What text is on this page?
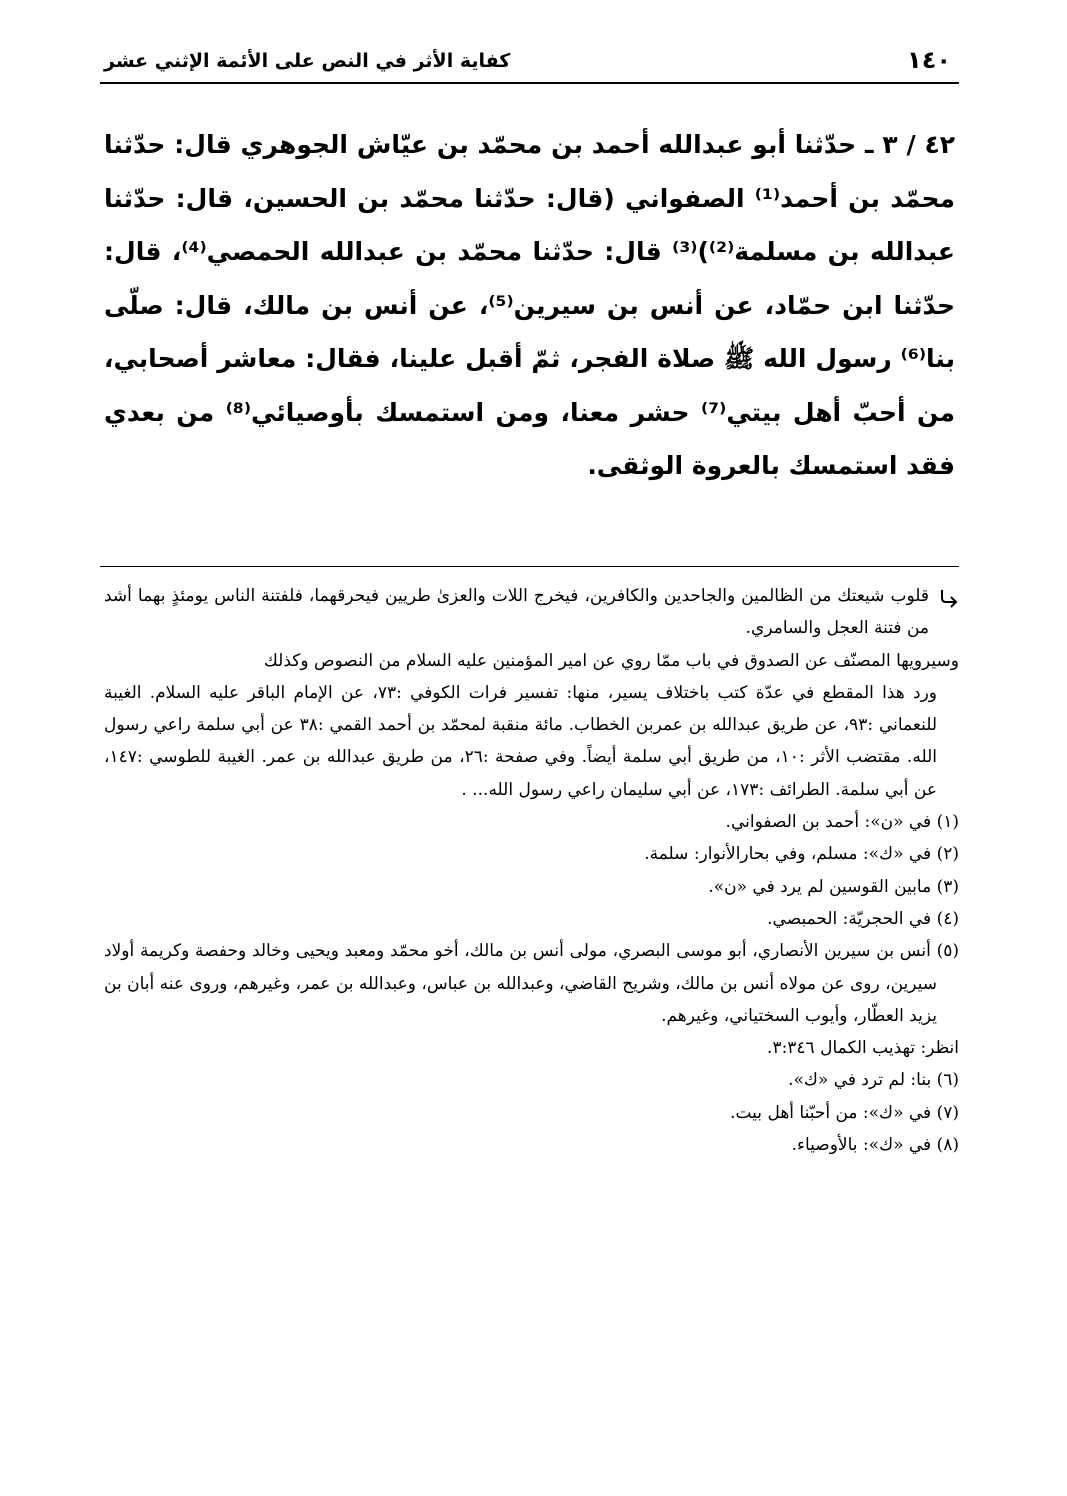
١٤٠
كفاية الأثر في النص على الأئمة الإثني عشر

٤٢ / ٣ ـ حدّثنا أبو عبدالله أحمد بن محمّد بن عيّاش الجوهري قال: حدّثنا محمّد بن أحمد⁽¹⁾ الصفواني (قال: حدّثنا محمّد بن الحسين، قال: حدّثنا عبدالله بن مسلمة⁽²⁾)⁽³⁾ قال: حدّثنا محمّد بن عبدالله الحمصي⁽⁴⁾، قال: حدّثنا ابن حمّاد، عن أنس بن سيرين⁽⁵⁾، عن أنس بن مالك، قال: صلّى بنا⁽⁶⁾ رسول الله ﷺ صلاة الفجر، ثمّ أقبل علينا، فقال: معاشر أصحابي، من أحبّ أهل بيتي⁽⁷⁾ حشر معنا، ومن استمسك بأوصيائي⁽⁸⁾ من بعدي فقد استمسك بالعروة الوثقى.

قلوب شيعتك من الظالمين والجاحدين والكافرين، فيخرج اللات والعزىٰ طريين فيحرقهما، فلفتنة الناس يومئذٍ بهما أشد من فتنة العجل والسامري.

وسيرويها المصنّف عن الصدوق في باب ممّا روي عن امير المؤمنين عليه السلام من النصوص وكذلك

ورد هذا المقطع في عدّة كتب باختلاف يسير، منها: تفسير فرات الكوفي :٧٣، عن الإمام الباقر عليه السلام. الغيبة للنعماني :٩٣، عن طريق عبدالله بن عمربن الخطاب. مائة منقبة لمحمّد بن أحمد القمي :٣٨ عن أبي سلمة راعي رسول الله. مقتضب الأثر :١٠، من طريق أبي سلمة أيضاً. وفي صفحة :٢٦، من طريق عبدالله بن عمر. الغيبة للطوسي :١٤٧، عن أبي سلمة. الطرائف :١٧٣، عن أبي سليمان راعي رسول الله... .

(١) في «ن»: أحمد بن الصفواني.

(٢) في «ك»: مسلم، وفي بحارالأنوار: سلمة.

(٣) مابين القوسين لم يرد في «ن».

(٤) في الحجريّة: الحمبصي.

(٥) أنس بن سيرين الأنصاري، أبو موسى البصري، مولى أنس بن مالك، أخو محمّد ومعبد ويحيى وخالد وحفصة وكريمة أولاد سيرين، روى عن مولاه أنس بن مالك، وشريح القاضي، وعبدالله بن عباس، وعبدالله بن عمر، وغيرهم، وروى عنه أبان بن يزيد العطّار، وأيوب السختياني، وغيرهم.

انظر: تهذيب الكمال ٣:٣٤٦.

(٦) بنا: لم ترد في «ك».

(٧) في «ك»: من أحبّنا أهل بيت.

(٨) في «ك»: بالأوصياء.
